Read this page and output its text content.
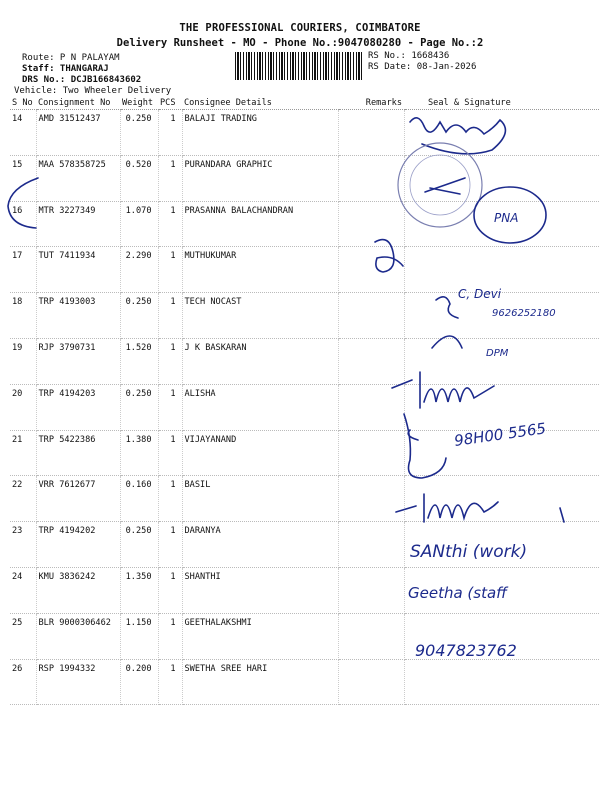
THE PROFESSIONAL COURIERS, COIMBATORE
Delivery Runsheet - MO - Phone No.:9047080280 - Page No.:2
Route: P N PALAYAM
Staff: THANGARAJ
DRS No.: DCJB166843602
Vehicle: Two Wheeler Delivery
RS No.: 1668436
RS Date: 08-Jan-2026
S No	Consignment No	Weight	PCS	Consignee Details	Remarks	Seal & Signature
14	AMD 31512437	0.250	1	BALAJI TRADING		
15	MAA 578358725	0.520	1	PURANDARA GRAPHIC		
16	MTR 3227349	1.070	1	PRASANNA BALACHANDRAN		
17	TUT 7411934	2.290	1	MUTHUKUMAR		
18	TRP 4193003	0.250	1	TECH NOCAST		
19	RJP 3790731	1.520	1	J K BASKARAN		
20	TRP 4194203	0.250	1	ALISHA		
21	TRP 5422386	1.380	1	VIJAYANAND		
22	VRR 7612677	0.160	1	BASIL		
23	TRP 4194202	0.250	1	DARANYA		
24	KMU 3836242	1.350	1	SHANTHI		
25	BLR 9000306462	1.150	1	GEETHALAKSHMI		
26	RSP 1994332	0.200	1	SWETHA SREE HARI		
C, Devi
9626252180
DPM
PNA
98H00 5565
SANthi (work)
Geetha (staff
9047823762
